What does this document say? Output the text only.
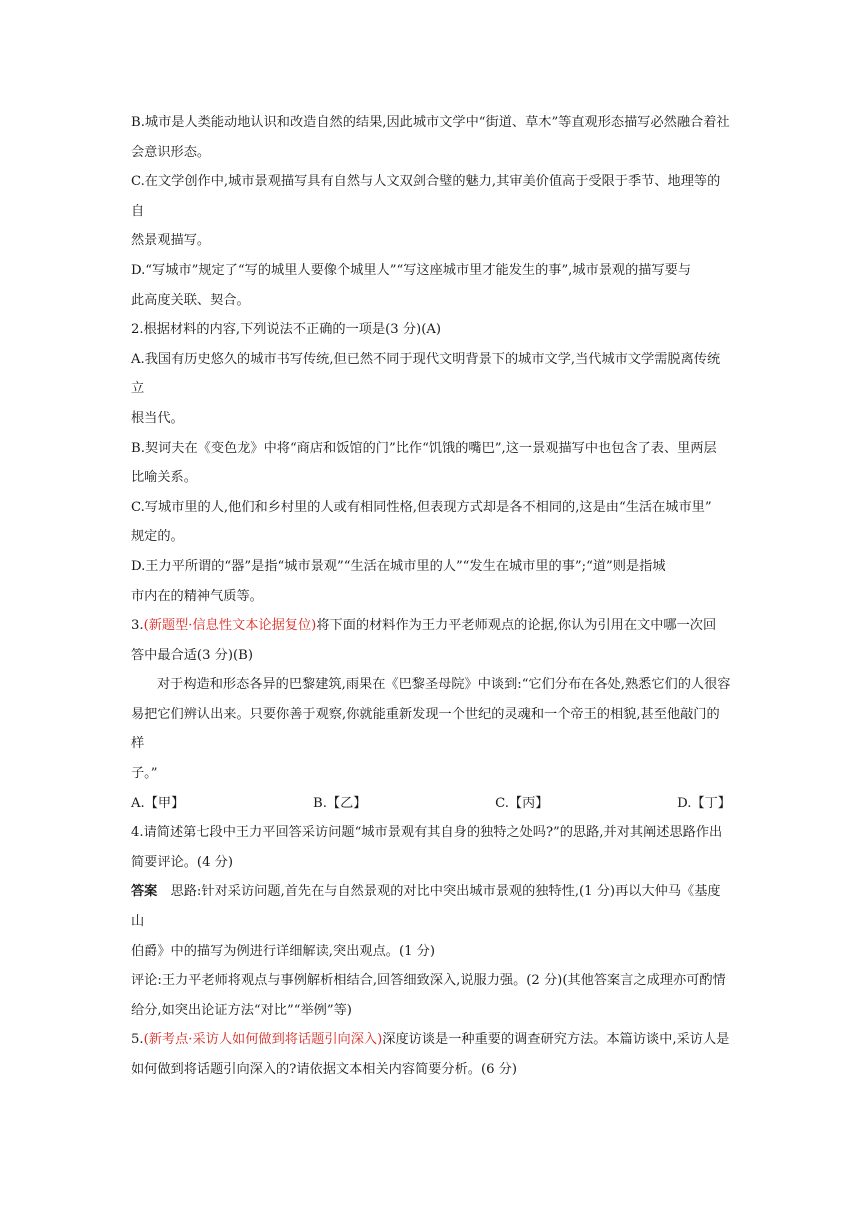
B.城市是人类能动地认识和改造自然的结果,因此城市文学中“街道、草木”等直观形态描写必然融合着社

会意识形态。

C.在文学创作中,城市景观描写具有自然与人文双剑合璧的魅力,其审美价值高于受限于季节、地理等的自

然景观描写。

D.“写城市”规定了“写的城里人要像个城里人”“写这座城市里才能发生的事”,城市景观的描写要与

此高度关联、契合。

2.根据材料的内容,下列说法不正确的一项是(3 分)(A)

A.我国有历史悠久的城市书写传统,但已然不同于现代文明背景下的城市文学,当代城市文学需脱离传统立

根当代。

B.契诃夫在《变色龙》中将“商店和饭馆的门”比作“饥饿的嘴巴”,这一景观描写中也包含了表、里两层

比喻关系。

C.写城市里的人,他们和乡村里的人或有相同性格,但表现方式却是各不相同的,这是由“生活在城市里”

规定的。

D.王力平所谓的“器”是指“城市景观”“生活在城市里的人”“发生在城市里的事”;“道”则是指城

市内在的精神气质等。

3.(新题型·信息性文本论据复位)将下面的材料作为王力平老师观点的论据,你认为引用在文中哪一次回

答中最合适(3 分)(B)

对于构造和形态各异的巴黎建筑,雨果在《巴黎圣母院》中谈到:“它们分布在各处,熟悉它们的人很容

易把它们辨认出来。只要你善于观察,你就能重新发现一个世纪的灵魂和一个帝王的相貌,甚至他敲门的样

子。”

A.【甲】	B.【乙】	C.【丙】	D.【丁】

4.请简述第七段中王力平回答采访问题“城市景观有其自身的独特之处吗?”的思路,并对其阐述思路作出

简要评论。(4 分)

答案　 思路:针对采访问题,首先在与自然景观的对比中突出城市景观的独特性,(1 分)再以大仲马《基度山

伯爵》中的描写为例进行详细解读,突出观点。(1 分)

评论:王力平老师将观点与事例解析相结合,回答细致深入,说服力强。(2 分)(其他答案言之成理亦可酌情

给分,如突出论证方法“对比”“举例”等)

5.(新考点·采访人如何做到将话题引向深入)深度访谈是一种重要的调查研究方法。本篇访谈中,采访人是

如何做到将话题引向深入的?请依据文本相关内容简要分析。(6 分)
